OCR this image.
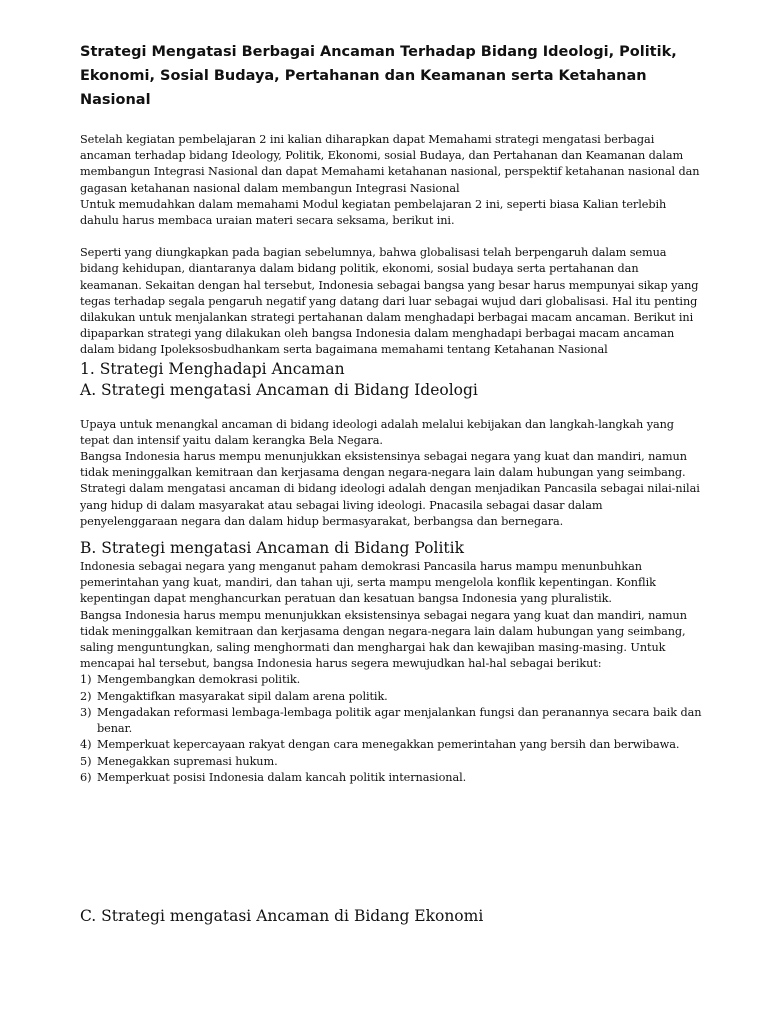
Strategi Mengatasi Berbagai Ancaman Terhadap Bidang Ideologi, Politik, Ekonomi, Sosial Budaya, Pertahanan dan Keamanan serta Ketahanan Nasional

Setelah kegiatan pembelajaran 2 ini kalian diharapkan dapat Memahami strategi mengatasi berbagai ancaman terhadap bidang Ideology, Politik, Ekonomi, sosial Budaya, dan Pertahanan dan Keamanan dalam membangun Integrasi Nasional dan dapat Memahami ketahanan nasional, perspektif ketahanan nasional dan gagasan ketahanan nasional dalam membangun Integrasi Nasional

Untuk memudahkan dalam memahami Modul kegiatan pembelajaran 2 ini, seperti biasa Kalian terlebih dahulu harus membaca uraian materi secara seksama, berikut ini.

Seperti yang diungkapkan pada bagian sebelumnya, bahwa globalisasi telah berpengaruh dalam semua bidang kehidupan, diantaranya dalam bidang politik, ekonomi, sosial budaya serta pertahanan dan keamanan. Sekaitan dengan hal tersebut, Indonesia sebagai bangsa yang besar harus mempunyai sikap yang tegas terhadap segala pengaruh negatif yang datang dari luar sebagai wujud dari globalisasi. Hal itu penting dilakukan untuk menjalankan strategi pertahanan dalam menghadapi berbagai macam ancaman. Berikut ini dipaparkan strategi yang dilakukan oleh bangsa Indonesia dalam menghadapi berbagai macam ancaman dalam bidang Ipoleksosbudhankam serta bagaimana memahami tentang Ketahanan Nasional

1. Strategi Menghadapi Ancaman
A. Strategi mengatasi Ancaman di Bidang Ideologi

Upaya untuk menangkal ancaman di bidang ideologi adalah melalui kebijakan dan langkah-langkah yang tepat dan intensif yaitu dalam kerangka Bela Negara.

Bangsa Indonesia harus mempu menunjukkan eksistensinya sebagai negara yang kuat dan mandiri, namun tidak meninggalkan kemitraan dan kerjasama dengan negara-negara lain dalam hubungan yang seimbang. Strategi dalam mengatasi ancaman di bidang ideologi adalah dengan menjadikan Pancasila sebagai nilai-nilai yang hidup di dalam masyarakat atau sebagai living ideologi. Pnacasila sebagai dasar dalam penyelenggaraan negara dan dalam hidup bermasyarakat, berbangsa dan bernegara.

B. Strategi mengatasi Ancaman di Bidang Politik

Indonesia sebagai negara yang menganut paham demokrasi Pancasila harus mampu menunbuhkan pemerintahan yang kuat, mandiri, dan tahan uji, serta mampu mengelola konflik kepentingan. Konflik kepentingan dapat menghancurkan peratuan dan kesatuan bangsa Indonesia yang pluralistik.

Bangsa Indonesia harus mempu menunjukkan eksistensinya sebagai negara yang kuat dan mandiri, namun tidak meninggalkan kemitraan dan kerjasama dengan negara-negara lain dalam hubungan yang seimbang, saling menguntungkan, saling menghormati dan menghargai hak dan kewajiban masing-masing. Untuk mencapai hal tersebut, bangsa Indonesia harus segera mewujudkan hal-hal sebagai berikut:

1) Mengembangkan demokrasi politik.
2) Mengaktifkan masyarakat sipil dalam arena politik.
3) Mengadakan reformasi lembaga-lembaga politik agar menjalankan fungsi dan peranannya secara baik dan benar.
4) Memperkuat kepercayaan rakyat dengan cara menegakkan pemerintahan yang bersih dan berwibawa.
5) Menegakkan supremasi hukum.
6) Memperkuat posisi Indonesia dalam kancah politik internasional.
C. Strategi mengatasi Ancaman di Bidang Ekonomi
